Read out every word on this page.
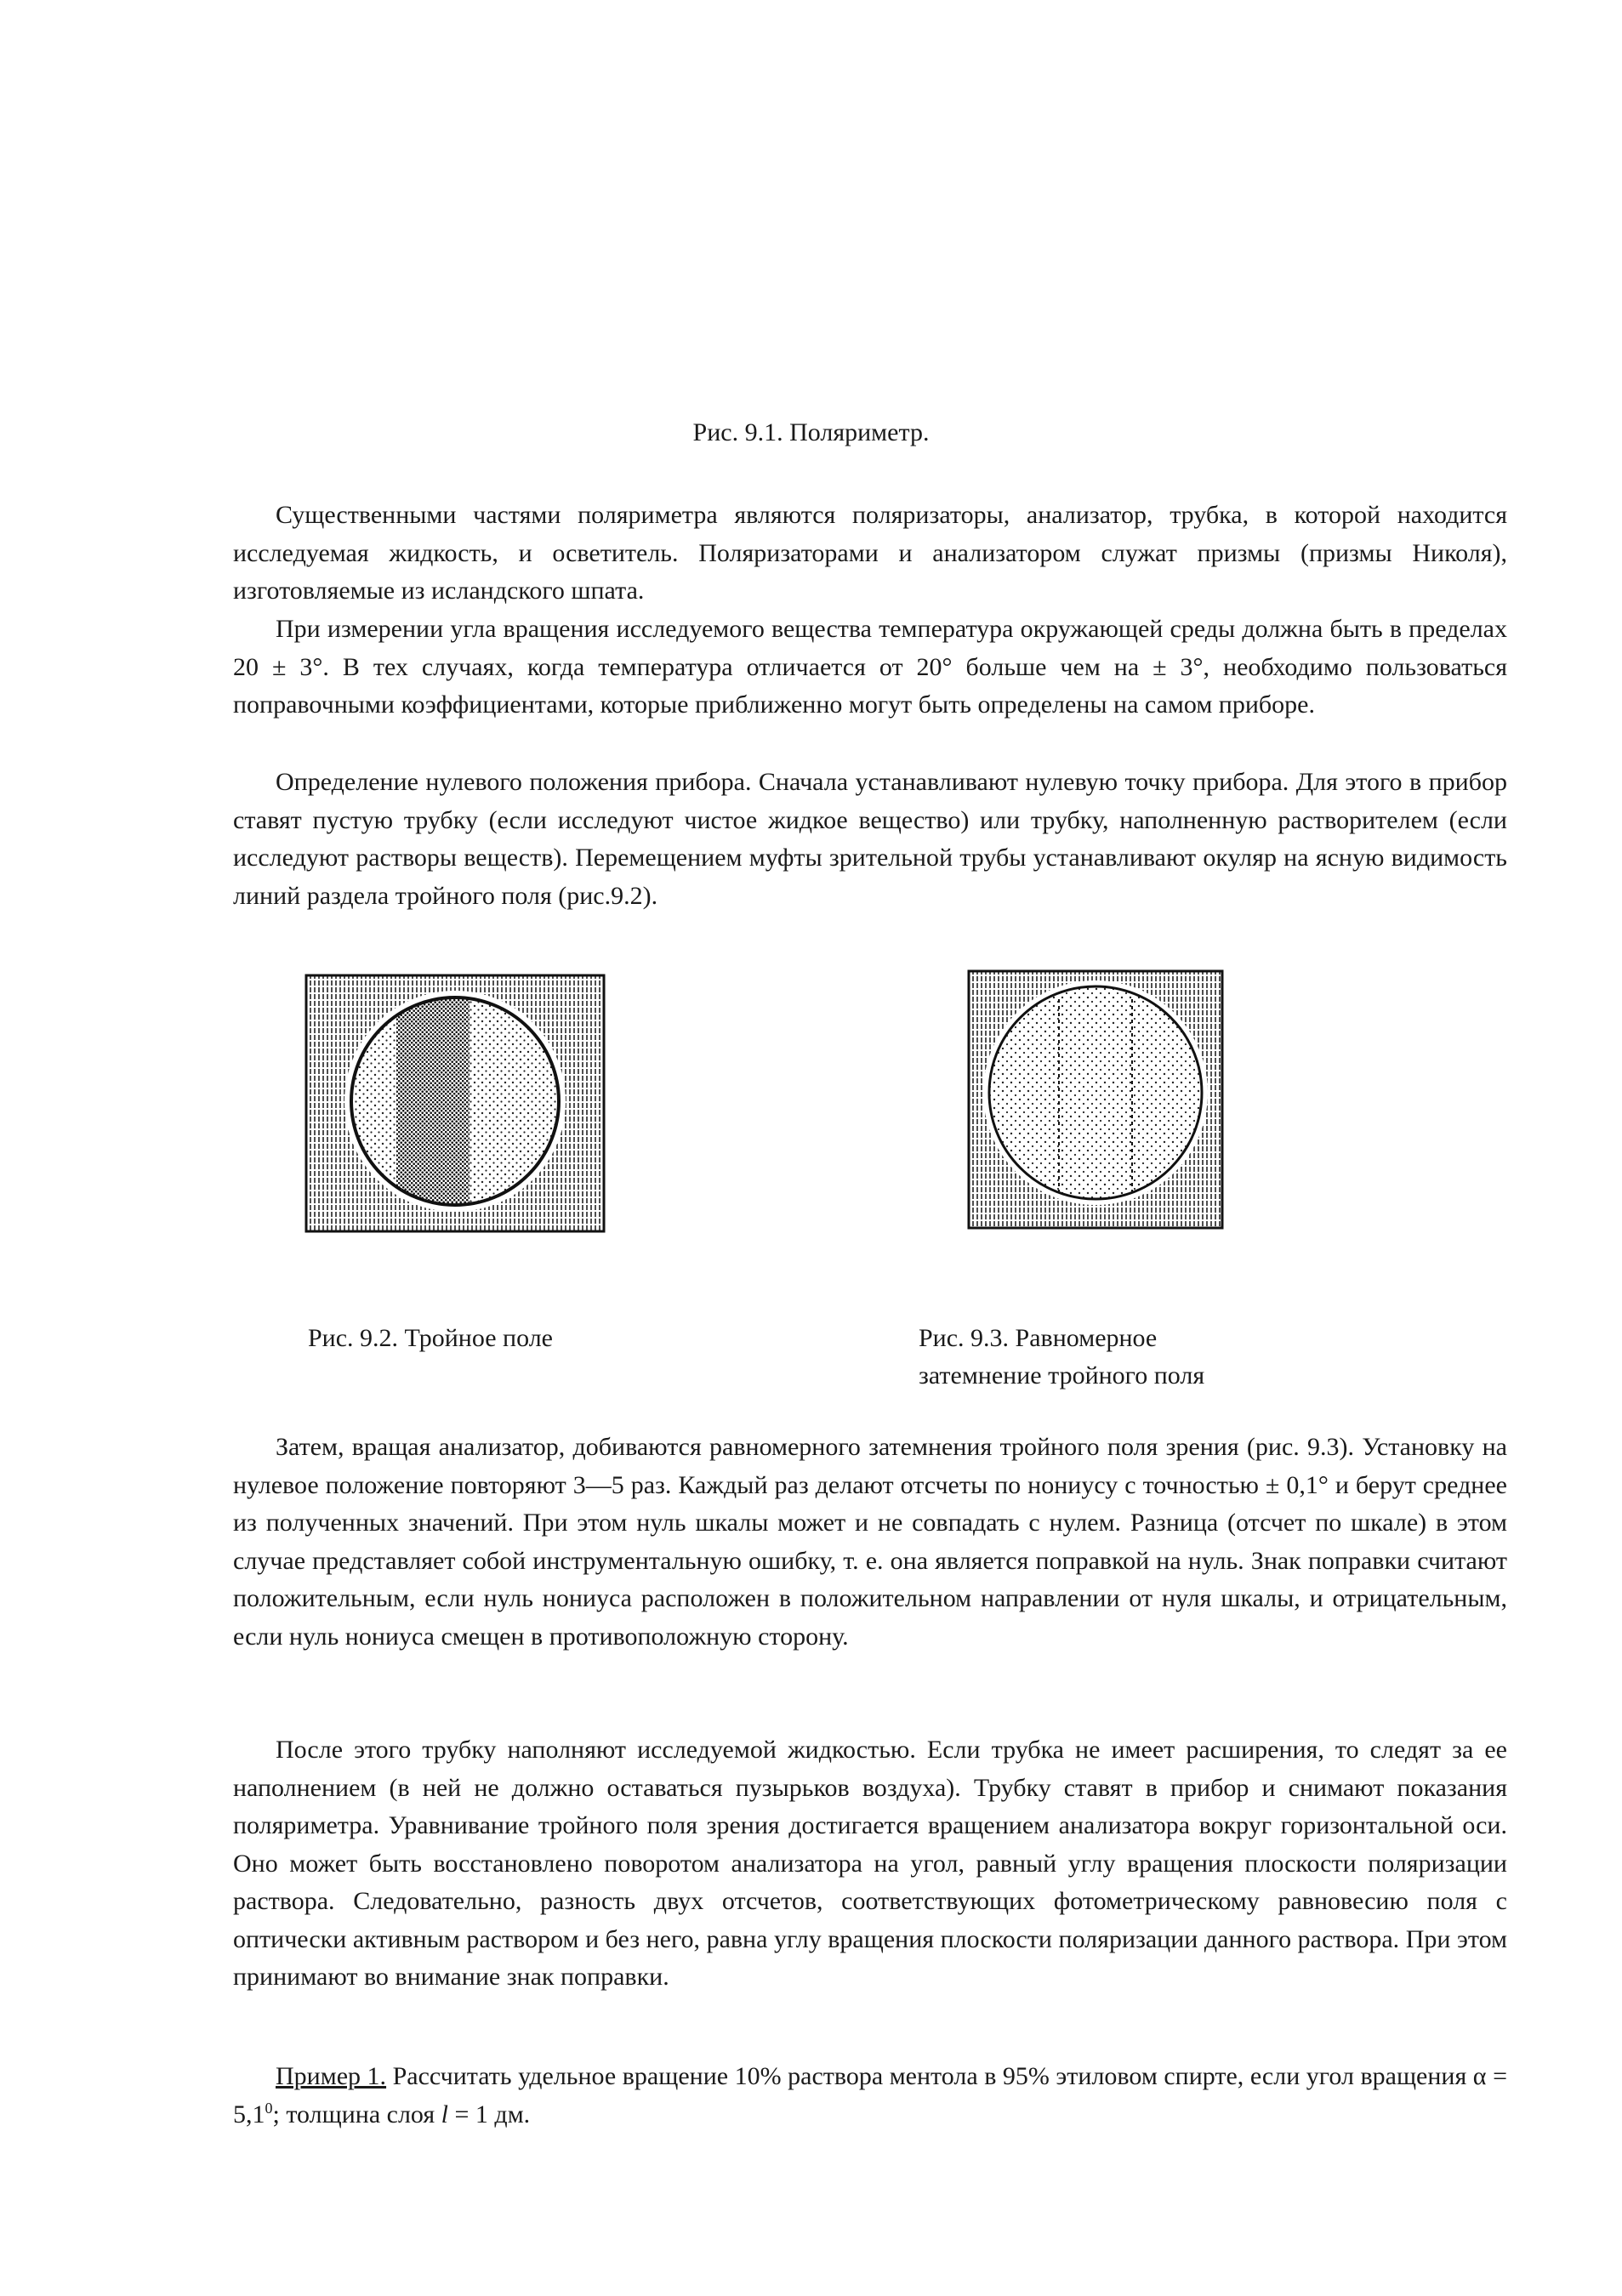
Рис. 9.1. Поляриметр.

Существенными частями поляриметра являются поляризаторы, анализатор, трубка, в которой находится исследуемая жидкость, и осветитель. Поляризаторами и анализатором служат призмы (призмы Николя), изготовляемые из исландского шпата.

При измерении угла вращения исследуемого вещества температура окружающей среды должна быть в пределах 20 ± 3°. В тех случаях, когда температура отличается от 20° больше чем на ± 3°, необходимо пользоваться поправочными коэффициентами, которые приближенно могут быть определены на самом приборе.

Определение нулевого положения прибора. Сначала устанавливают нулевую точку прибора. Для этого в прибор ставят пустую трубку (если исследуют чистое жидкое вещество) или трубку, наполненную растворителем (если исследуют растворы веществ). Перемещением муфты зрительной трубы устанавливают окуляр на ясную видимость линий раздела тройного поля (рис.9.2).

Рис. 9.2. Тройное поле	Рис. 9.3. Равномерное
затемнение тройного поля

Затем, вращая анализатор, добиваются равномерного затемнения тройного поля зрения (рис. 9.3). Установку на нулевое положение повторяют 3—5 раз. Каждый раз делают отсчеты по нониусу с точностью ± 0,1° и берут среднее из полученных значений. При этом нуль шкалы может и не совпадать с нулем. Разница (отсчет по шкале) в этом случае представляет собой инструментальную ошибку, т. е. она является поправкой на нуль. Знак поправки считают положительным, если нуль нониуса расположен в положительном направлении от нуля шкалы, и отрицательным, если нуль нониуса смещен в противоположную сторону.

После этого трубку наполняют исследуемой жидкостью. Если трубка не имеет расширения, то следят за ее наполнением (в ней не должно оставаться пузырьков воздуха). Трубку ставят в прибор и снимают показания поляриметра. Уравнивание тройного поля зрения достигается вращением анализатора вокруг горизонтальной оси. Оно может быть восстановлено поворотом анализатора на угол, равный углу вращения плоскости поляризации раствора. Следовательно, разность двух отсчетов, соответствующих фотометрическому равновесию поля с оптически активным раствором и без него, равна углу вращения плоскости поляризации данного раствора. При этом принимают во внимание знак поправки.

Пример 1. Рассчитать удельное вращение 10% раствора ментола в 95% этиловом спирте, если угол вращения $\alpha = 5,1^0$; толщина слоя l = 1 дм.
